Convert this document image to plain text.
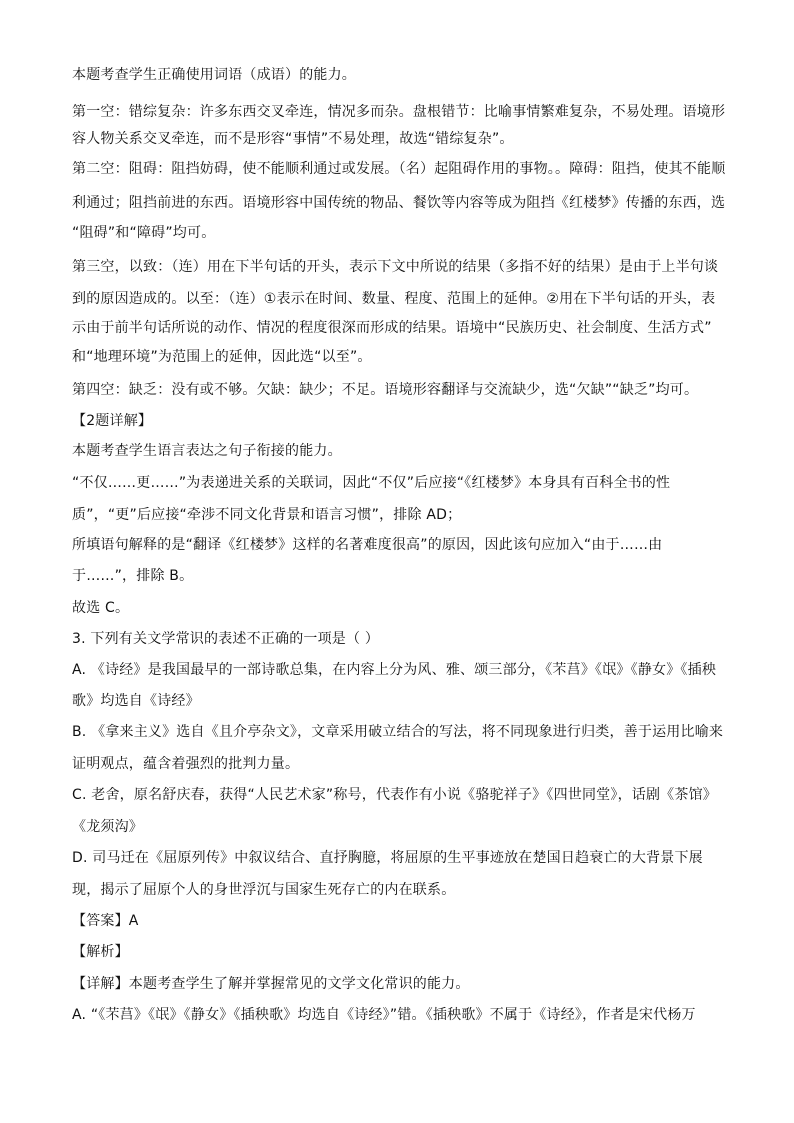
本题考查学生正确使用词语（成语）的能力。
第一空：错综复杂：许多东西交叉牵连，情况多而杂。盘根错节：比喻事情繁难复杂，不易处理。语境形
容人物关系交叉牵连，而不是形容“事情”不易处理，故选“错综复杂”。
第二空：阻碍：阻挡妨碍，使不能顺利通过或发展。（名）起阻碍作用的事物。。障碍：阻挡，使其不能顺
利通过；阻挡前进的东西。语境形容中国传统的物品、餐饮等内容等成为阻挡《红楼梦》传播的东西，选
“阻碍”和“障碍”均可。
第三空，以致：（连）用在下半句话的开头，表示下文中所说的结果（多指不好的结果）是由于上半句谈
到的原因造成的。以至：（连）①表示在时间、数量、程度、范围上的延伸。②用在下半句话的开头，表
示由于前半句话所说的动作、情况的程度很深而形成的结果。语境中“民族历史、社会制度、生活方式”
和“地理环境”为范围上的延伸，因此选“以至”。
第四空：缺乏：没有或不够。欠缺：缺少；不足。语境形容翻译与交流缺少，选“欠缺”“缺乏”均可。
【2题详解】
本题考查学生语言表达之句子衔接的能力。
“不仅……更……”为表递进关系的关联词，因此“不仅”后应接“《红楼梦》本身具有百科全书的性
质”，“更”后应接“牵涉不同文化背景和语言习惯”，排除 AD；
所填语句解释的是“翻译《红楼梦》这样的名著难度很高”的原因，因此该句应加入“由于……由
于……”，排除 B。
故选 C。
3. 下列有关文学常识的表述不正确的一项是（ ）
A. 《诗经》是我国最早的一部诗歌总集，在内容上分为风、雅、颂三部分，《芣莒》《氓》《静女》《插秧
歌》均选自《诗经》
B. 《拿来主义》选自《且介亭杂文》，文章采用破立结合的写法，将不同现象进行归类，善于运用比喻来
证明观点，蕴含着强烈的批判力量。
C. 老舍，原名舒庆春，获得“人民艺术家”称号，代表作有小说《骆驼祥子》《四世同堂》，话剧《茶馆》
《龙须沟》
D. 司马迁在《屈原列传》中叙议结合、直抒胸臆，将屈原的生平事迹放在楚国日趋衰亡的大背景下展
现，揭示了屈原个人的身世浮沉与国家生死存亡的内在联系。
【答案】A
【解析】
【详解】本题考查学生了解并掌握常见的文学文化常识的能力。
A. “《芣莒》《氓》《静女》《插秧歌》均选自《诗经》”错。《插秧歌》不属于《诗经》，作者是宋代杨万
